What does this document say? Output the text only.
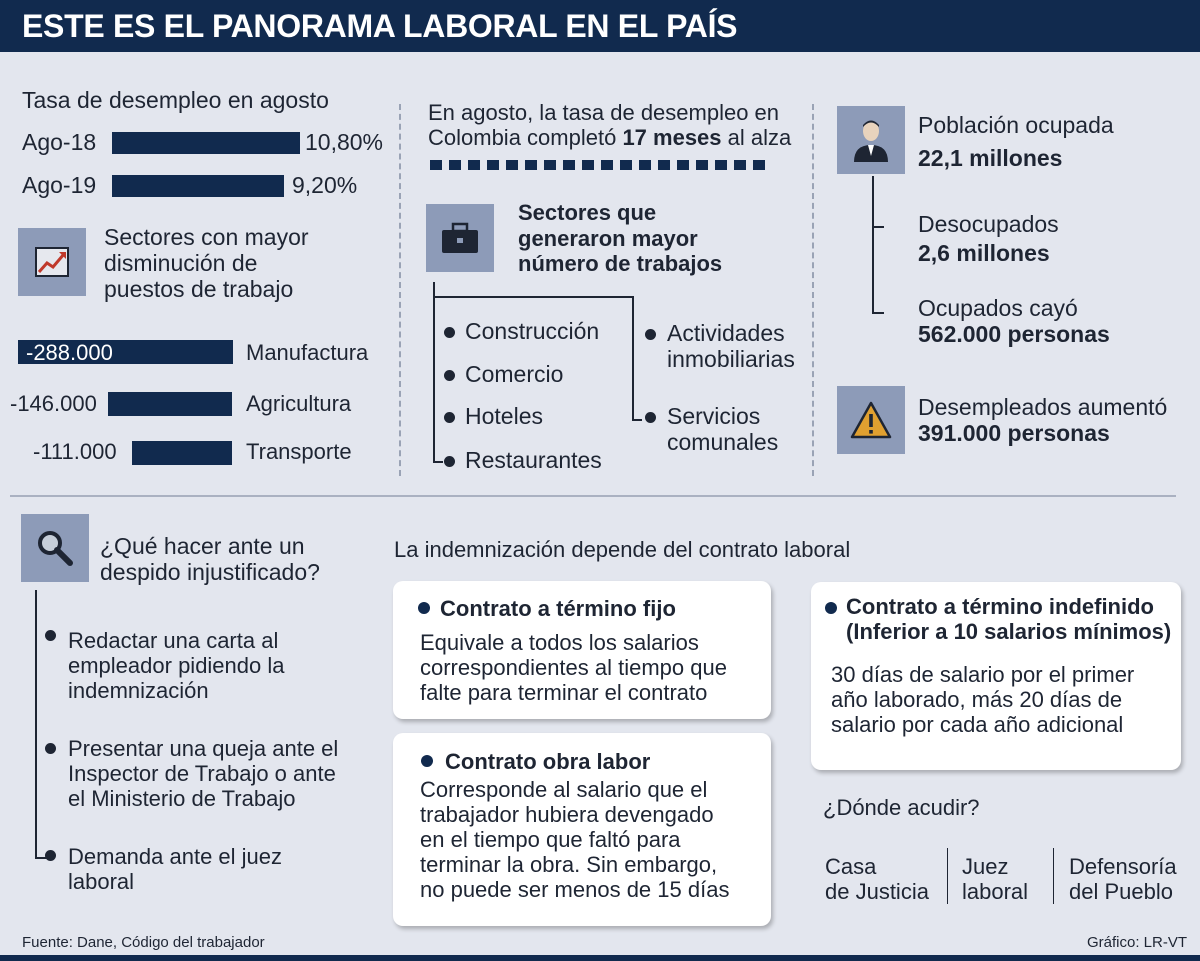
ESTE ES EL PANORAMA LABORAL EN EL PAÍS
Tasa de desempleo en agosto
Ago-18	10,80%
Ago-19	9,20%
Sectores con mayor
disminución de
puestos de trabajo
-288.000	Manufactura
-146.000	Agricultura
-111.000	Transporte
En agosto, la tasa de desempleo en
Colombia completó 17 meses al alza
Sectores que
generaron mayor
número de trabajos
Construcción
Comercio
Hoteles
Restaurantes
Actividades
inmobiliarias
Servicios
comunales
Población ocupada
22,1 millones
Desocupados
2,6 millones
Ocupados cayó
562.000 personas
Desempleados aumentó
391.000 personas
¿Qué hacer ante un
despido injustificado?
Redactar una carta al
empleador pidiendo la
indemnización
Presentar una queja ante el
Inspector de Trabajo o ante
el Ministerio de Trabajo
Demanda ante el juez
laboral
La indemnización depende del contrato laboral
Contrato a término fijo
Equivale a todos los salarios
correspondientes al tiempo que
falte para terminar el contrato
Contrato obra labor
Corresponde al salario que el
trabajador hubiera devengado
en el tiempo que faltó para
terminar la obra. Sin embargo,
no puede ser menos de 15 días
Contrato a término indefinido
(Inferior a 10 salarios mínimos)
30 días de salario por el primer
año laborado, más 20 días de
salario por cada año adicional
¿Dónde acudir?
Casa
de Justicia
Juez
laboral
Defensoría
del Pueblo
Fuente: Dane, Código del trabajador	Gráfico: LR-VT
